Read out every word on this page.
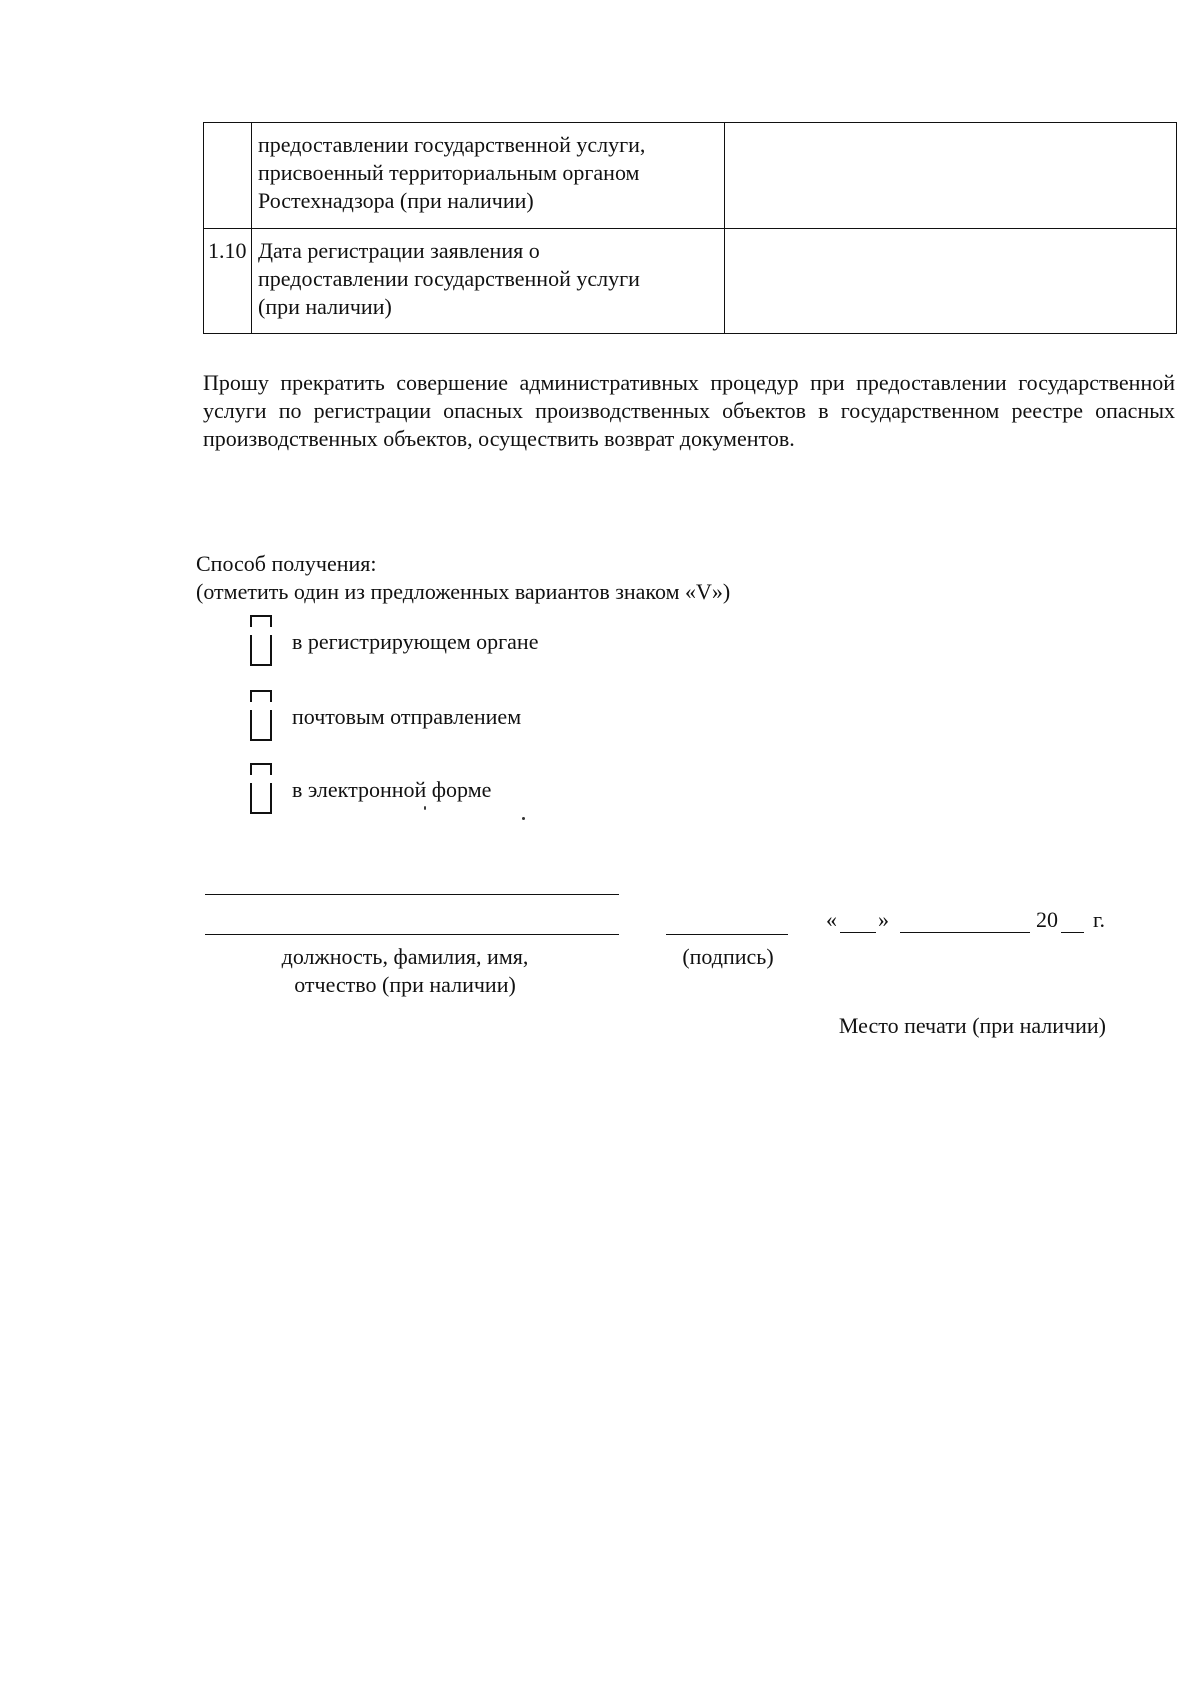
	предоставлении государственной услуги,
присвоенный территориальным органом
Ростехнадзора (при наличии)	

1.10	Дата регистрации заявления о
предоставлении государственной услуги
(при наличии)	

Прошу прекратить совершение административных процедур при предоставлении государственной услуги по регистрации опасных производственных объектов в государственном реестре опасных производственных объектов, осуществить возврат документов.

Способ получения:

(отметить один из предложенных вариантов знаком «V»)

в регистрирующем органе
почтовым отправлением
в электронной форме
должность, фамилия, имя,
отчество (при наличии)
(подпись)
« »	20 г.
Место печати (при наличии)
